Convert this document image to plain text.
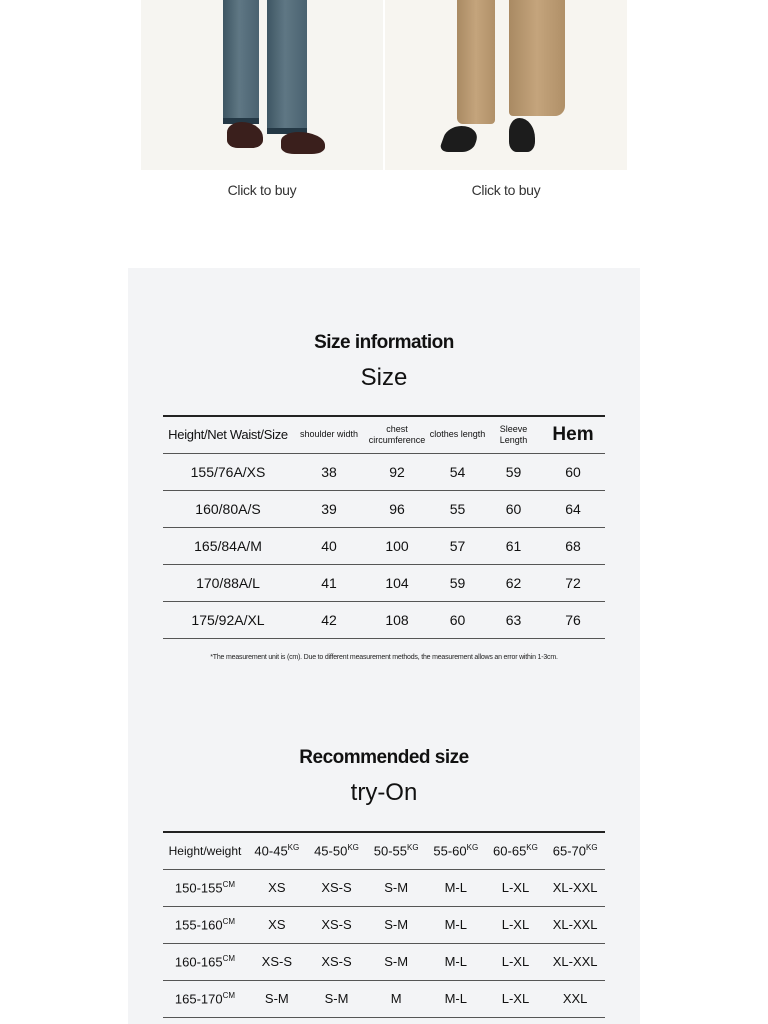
Click to buy	Click to buy
Size information
Size
Height/Net Waist/Size	shoulder width	chest circumference	clothes length	Sleeve Length	Hem
155/76A/XS	38	92	54	59	60
160/80A/S	39	96	55	60	64
165/84A/M	40	100	57	61	68
170/88A/L	41	104	59	62	72
175/92A/XL	42	108	60	63	76
*The measurement unit is (cm). Due to different measurement methods, the measurement allows an error within 1-3cm.
Recommended size
try-On
Height/weight	$40-45^{KG}$	$45-50^{KG}$	$50-55^{KG}$	$55-60^{KG}$	$60-65^{KG}$	$65-70^{KG}$
$150-155^{CM}$	XS	XS-S	S-M	M-L	L-XL	XL-XXL
$155-160^{CM}$	XS	XS-S	S-M	M-L	L-XL	XL-XXL
$160-165^{CM}$	XS-S	XS-S	S-M	M-L	L-XL	XL-XXL
$165-170^{CM}$	S-M	S-M	M	M-L	L-XL	XXL
